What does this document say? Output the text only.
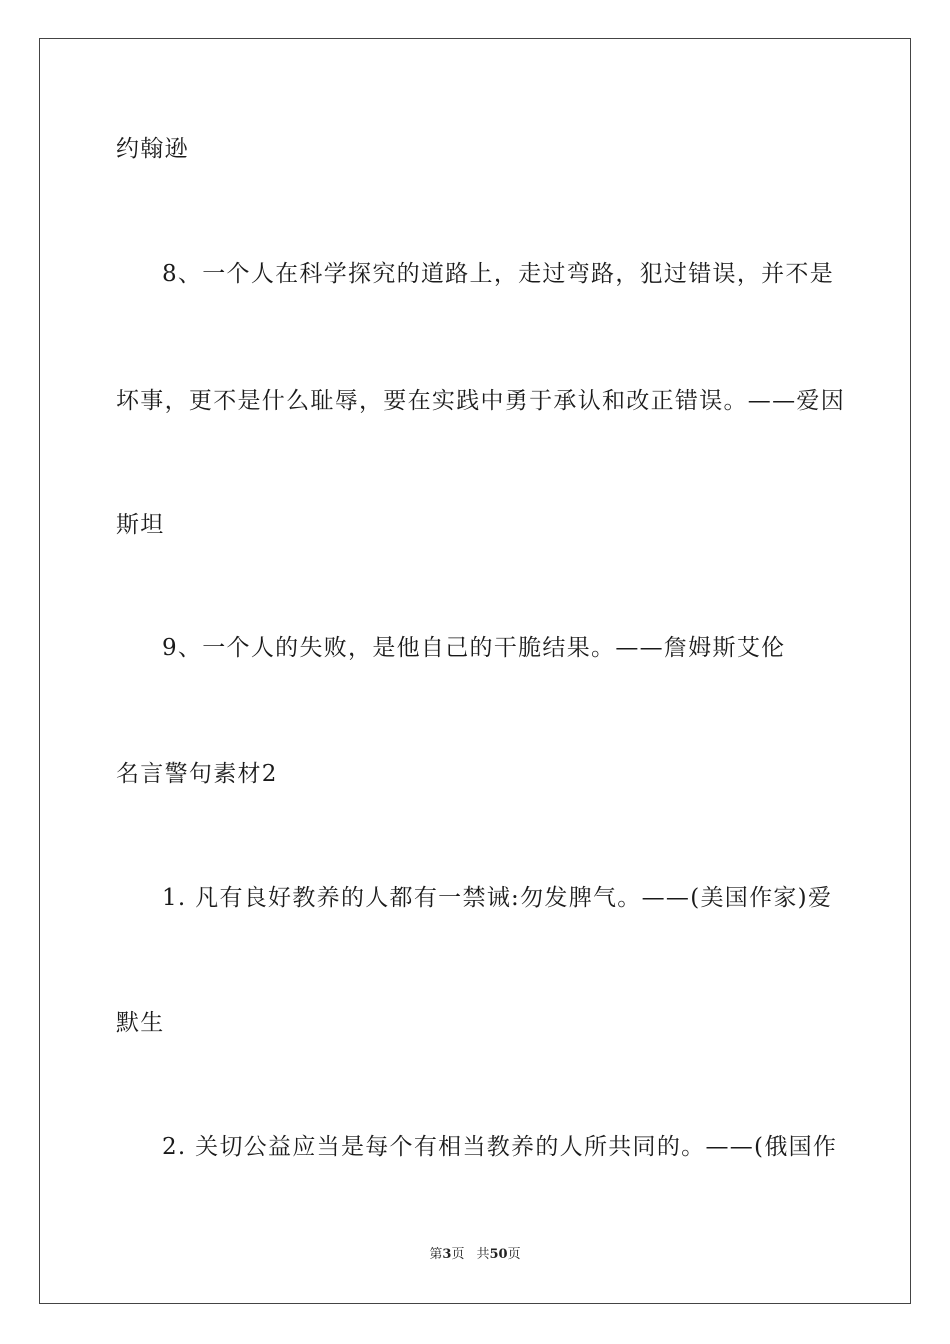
约翰逊
8、一个人在科学探究的道路上，走过弯路，犯过错误，并不是
坏事，更不是什么耻辱，要在实践中勇于承认和改正错误。——爱因
斯坦
9、一个人的失败，是他自己的干脆结果。——詹姆斯艾伦
名言警句素材2
1. 凡有良好教养的人都有一禁诫:勿发脾气。——(美国作家)爱
默生
2. 关切公益应当是每个有相当教养的人所共同的。——(俄国作
第3页 共50页
